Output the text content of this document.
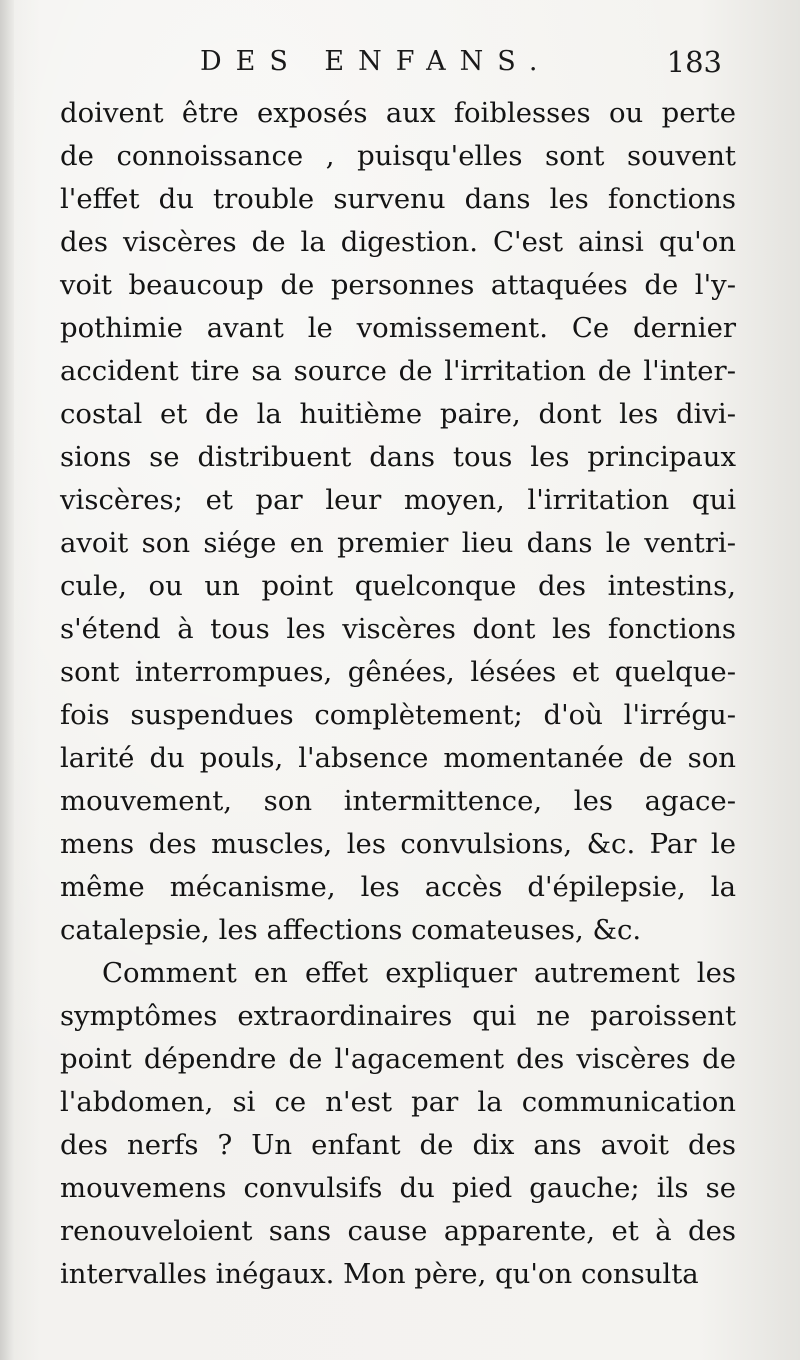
DES ENFANS.	183
doivent être exposés aux foiblesses ou perte
de connoissance , puisqu'elles sont souvent
l'effet du trouble survenu dans les fonctions
des viscères de la digestion. C'est ainsi qu'on
voit beaucoup de personnes attaquées de l'y-
pothimie avant le vomissement. Ce dernier
accident tire sa source de l'irritation de l'inter-
costal et de la huitième paire, dont les divi-
sions se distribuent dans tous les principaux
viscères; et par leur moyen, l'irritation qui
avoit son siége en premier lieu dans le ventri-
cule, ou un point quelconque des intestins,
s'étend à tous les viscères dont les fonctions
sont interrompues, gênées, lésées et quelque-
fois suspendues complètement; d'où l'irrégu-
larité du pouls, l'absence momentanée de son
mouvement, son intermittence, les agace-
mens des muscles, les convulsions, &c. Par le
même mécanisme, les accès d'épilepsie, la
catalepsie, les affections comateuses, &c.
Comment en effet expliquer autrement les
symptômes extraordinaires qui ne paroissent
point dépendre de l'agacement des viscères de
l'abdomen, si ce n'est par la communication
des nerfs ? Un enfant de dix ans avoit des
mouvemens convulsifs du pied gauche; ils se
renouveloient sans cause apparente, et à des
intervalles inégaux. Mon père, qu'on consulta
